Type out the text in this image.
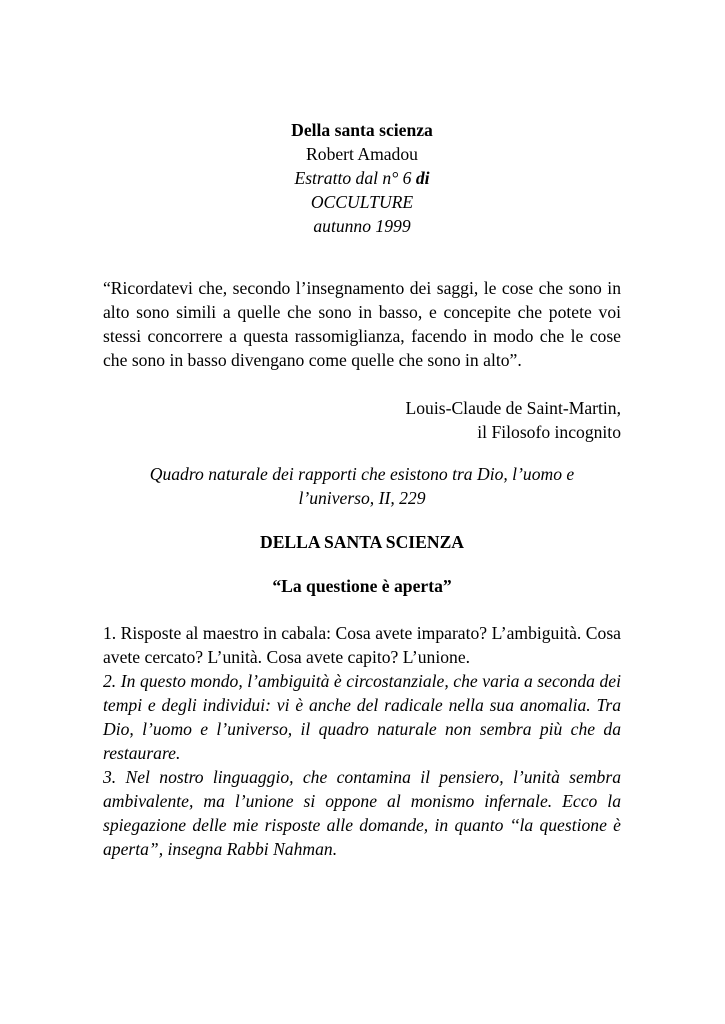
Della santa scienza
Robert Amadou
Estratto dal n° 6 di
OCCULTURE
autunno 1999
“Ricordatevi che, secondo l’insegnamento dei saggi, le cose che sono in alto sono simili a quelle che sono in basso, e concepite che potete voi stessi concorrere a questa rassomiglianza, facendo in modo che le cose che sono in basso divengano come quelle che sono in alto”.
Louis-Claude de Saint-Martin,
il Filosofo incognito
Quadro naturale dei rapporti che esistono tra Dio, l’uomo e
l’universo, II, 229
DELLA SANTA SCIENZA
“La questione è aperta”

1. Risposte al maestro in cabala: Cosa avete imparato? L’ambiguità. Cosa avete cercato? L’unità. Cosa avete capito? L’unione.

2. In questo mondo, l’ambiguità è circostanziale, che varia a seconda dei tempi e degli individui: vi è anche del radicale nella sua anomalia. Tra Dio, l’uomo e l’universo, il quadro naturale non sembra più che da restaurare.

3. Nel nostro linguaggio, che contamina il pensiero, l’unità sembra ambivalente, ma l’unione si oppone al monismo infernale. Ecco la spiegazione delle mie risposte alle domande, in quanto ‘‘la questione è aperta”, insegna Rabbi Nahman.
